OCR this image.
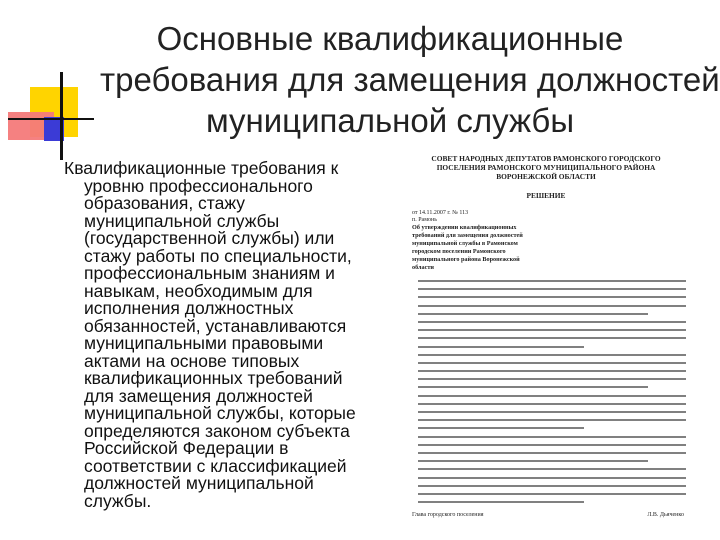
Основные квалификационные
требования для замещения должностей
муниципальной службы

Квалификационные требования к
уровню профессионального
образования, стажу
муниципальной службы
(государственной службы) или
стажу работы по специальности,
профессиональным знаниям и
навыкам, необходимым для
исполнения должностных
обязанностей, устанавливаются
муниципальными правовыми
актами на основе типовых
квалификационных требований
для замещения должностей
муниципальной службы, которые
определяются законом субъекта
Российской Федерации в
соответствии с классификацией
должностей муниципальной
службы.

СОВЕТ НАРОДНЫХ ДЕПУТАТОВ РАМОНСКОГО ГОРОДСКОГО
ПОСЕЛЕНИЯ РАМОНСКОГО МУНИЦИПАЛЬНОГО РАЙОНА
ВОРОНЕЖСКОЙ ОБЛАСТИ
РЕШЕНИЕ
от 14.11.2007 г. № 113
п. Рамонь
Об утверждении квалификационных
требований для замещения должностей
муниципальной службы в Рамонском
городском поселении Рамонского
муниципального района Воронежской
области
Глава городского поселения	Л.В. Дьяченко
